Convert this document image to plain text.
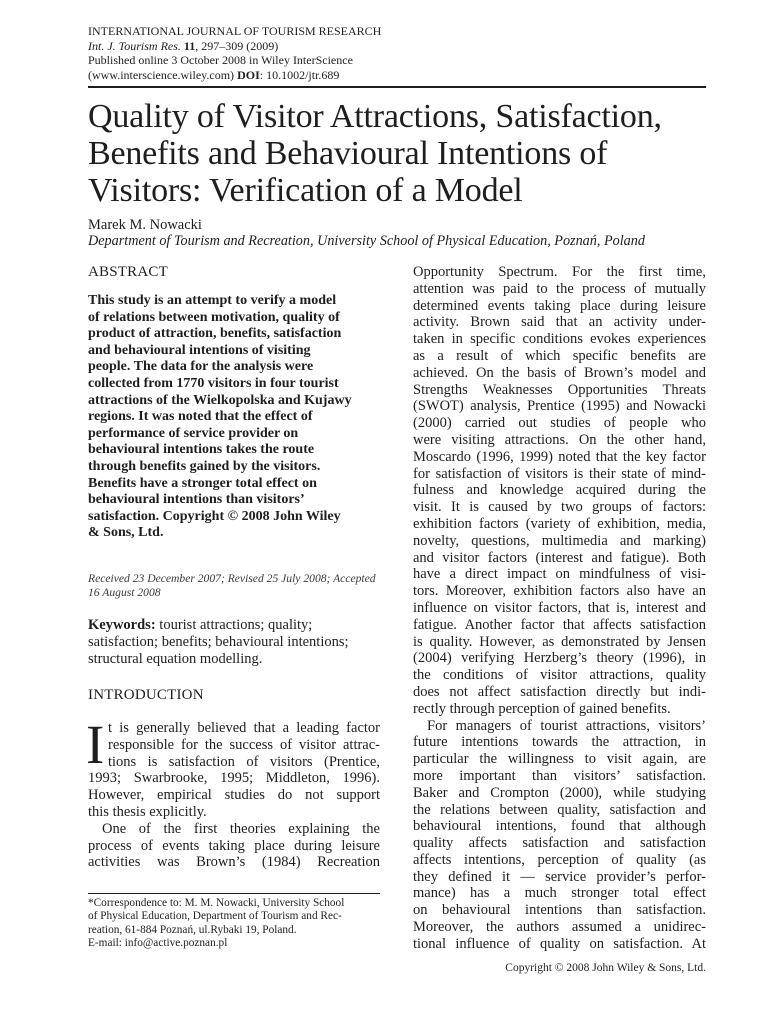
INTERNATIONAL JOURNAL OF TOURISM RESEARCH
Int. J. Tourism Res. 11, 297–309 (2009)
Published online 3 October 2008 in Wiley InterScience
(www.interscience.wiley.com) DOI: 10.1002/jtr.689
Quality of Visitor Attractions, Satisfaction,
Benefits and Behavioural Intentions of
Visitors: Verification of a Model
Marek M. Nowacki
Department of Tourism and Recreation, University School of Physical Education, Poznań, Poland
ABSTRACT
This study is an attempt to verify a model
of relations between motivation, quality of
product of attraction, benefits, satisfaction
and behavioural intentions of visiting
people. The data for the analysis were
collected from 1770 visitors in four tourist
attractions of the Wielkopolska and Kujawy
regions. It was noted that the effect of
performance of service provider on
behavioural intentions takes the route
through benefits gained by the visitors.
Benefits have a stronger total effect on
behavioural intentions than visitors’
satisfaction. Copyright © 2008 John Wiley
& Sons, Ltd.
Received 23 December 2007; Revised 25 July 2008; Accepted
16 August 2008
Keywords: tourist attractions; quality;
satisfaction; benefits; behavioural intentions;
structural equation modelling.
INTRODUCTION
I t is generally believed that a leading factor
responsible for the success of visitor attrac-
tions is satisfaction of visitors (Prentice,
1993; Swarbrooke, 1995; Middleton, 1996).
However, empirical studies do not support
this thesis explicitly.
One of the first theories explaining the
process of events taking place during leisure
activities was Brown’s (1984) Recreation
*Correspondence to: M. M. Nowacki, University School
of Physical Education, Department of Tourism and Rec-
reation, 61-884 Poznań, ul.Rybaki 19, Poland.
E-mail: info@active.poznan.pl
Opportunity Spectrum. For the first time,
attention was paid to the process of mutually
determined events taking place during leisure
activity. Brown said that an activity under-
taken in specific conditions evokes experiences
as a result of which specific benefits are
achieved. On the basis of Brown’s model and
Strengths Weaknesses Opportunities Threats
(SWOT) analysis, Prentice (1995) and Nowacki
(2000) carried out studies of people who
were visiting attractions. On the other hand,
Moscardo (1996, 1999) noted that the key factor
for satisfaction of visitors is their state of mind-
fulness and knowledge acquired during the
visit. It is caused by two groups of factors:
exhibition factors (variety of exhibition, media,
novelty, questions, multimedia and marking)
and visitor factors (interest and fatigue). Both
have a direct impact on mindfulness of visi-
tors. Moreover, exhibition factors also have an
influence on visitor factors, that is, interest and
fatigue. Another factor that affects satisfaction
is quality. However, as demonstrated by Jensen
(2004) verifying Herzberg’s theory (1996), in
the conditions of visitor attractions, quality
does not affect satisfaction directly but indi-
rectly through perception of gained benefits.
For managers of tourist attractions, visitors’
future intentions towards the attraction, in
particular the willingness to visit again, are
more important than visitors’ satisfaction.
Baker and Crompton (2000), while studying
the relations between quality, satisfaction and
behavioural intentions, found that although
quality affects satisfaction and satisfaction
affects intentions, perception of quality (as
they defined it — service provider’s perfor-
mance) has a much stronger total effect
on behavioural intentions than satisfaction.
Moreover, the authors assumed a unidirec-
tional influence of quality on satisfaction. At
Copyright © 2008 John Wiley & Sons, Ltd.
